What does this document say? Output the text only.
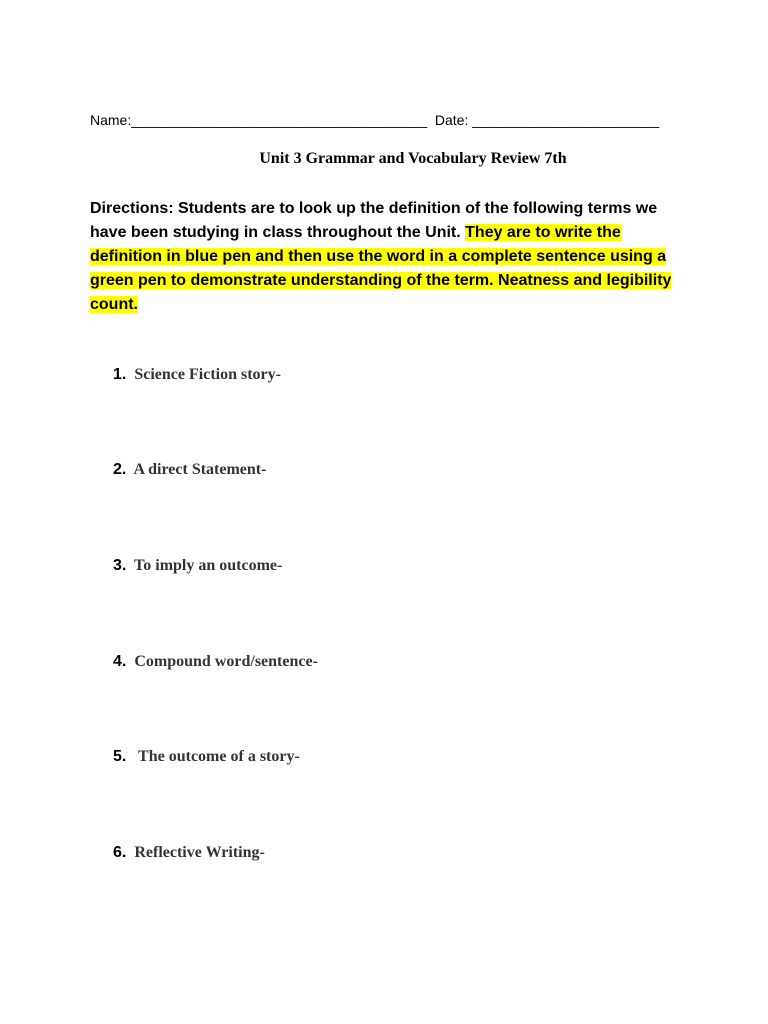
Name:______________________________________  Date: ________________________
Unit 3 Grammar and Vocabulary Review 7th
Directions: Students are to look up the definition of the following terms we have been studying in class throughout the Unit. They are to write the definition in blue pen and then use the word in a complete sentence using a green pen to demonstrate understanding of the term. Neatness and legibility count.
1.  Science Fiction story-
2.  A direct Statement-
3.  To imply an outcome-
4.  Compound word/sentence-
5.   The outcome of a story-
6.  Reflective Writing-
